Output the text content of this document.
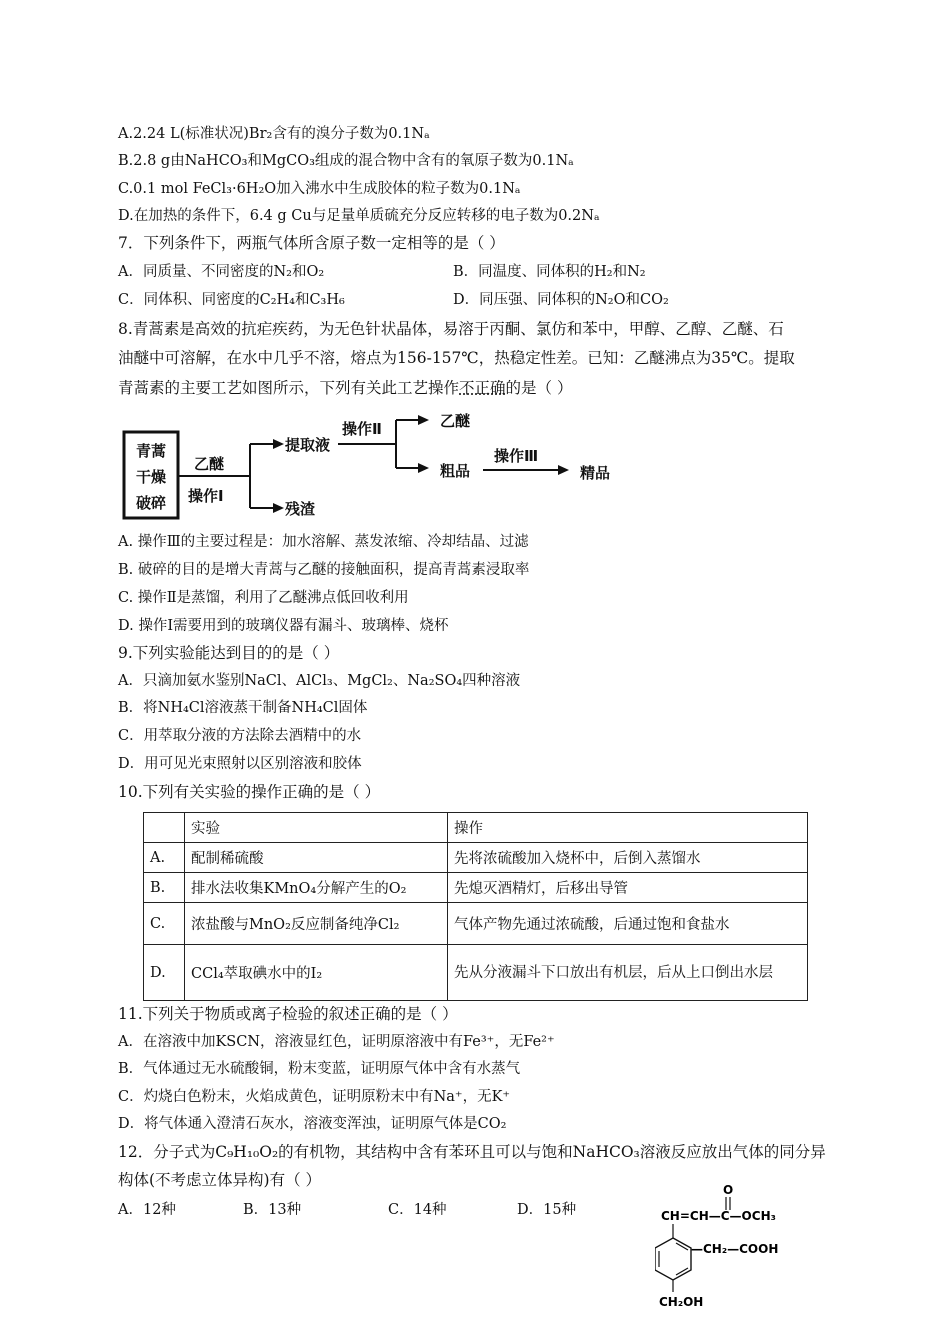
A.2.24 L(标准状况)Br₂含有的溴分子数为0.1Nₐ
B.2.8 g由NaHCO₃和MgCO₃组成的混合物中含有的氧原子数为0.1Nₐ
C.0.1 mol FeCl₃·6H₂O加入沸水中生成胶体的粒子数为0.1Nₐ
D.在加热的条件下，6.4 g Cu与足量单质硫充分反应转移的电子数为0.2Nₐ
7．下列条件下，两瓶气体所含原子数一定相等的是（ ）
A．同质量、不同密度的N₂和O₂	B．同温度、同体积的H₂和N₂
C．同体积、同密度的C₂H₄和C₃H₆	D．同压强、同体积的N₂O和CO₂
8.青蒿素是高效的抗疟疾药，为无色针状晶体，易溶于丙酮、氯仿和苯中，甲醇、乙醇、乙醚、石
油醚中可溶解，在水中几乎不溶，熔点为156-157℃，热稳定性差。已知：乙醚沸点为35℃。提取
青蒿素的主要工艺如图所示，下列有关此工艺操作不正确的是（ ）
青蒿
干燥
破碎
乙醚
操作Ⅰ
提取液
残渣
操作Ⅱ	乙醚
粗品
操作Ⅲ
精品
A. 操作Ⅲ的主要过程是：加水溶解、蒸发浓缩、冷却结晶、过滤
B. 破碎的目的是增大青蒿与乙醚的接触面积，提高青蒿素浸取率
C. 操作Ⅱ是蒸馏，利用了乙醚沸点低回收利用
D. 操作Ⅰ需要用到的玻璃仪器有漏斗、玻璃棒、烧杯
9.下列实验能达到目的的是（ ）
A．只滴加氨水鉴别NaCl、AlCl₃、MgCl₂、Na₂SO₄四种溶液
B．将NH₄Cl溶液蒸干制备NH₄Cl固体
C．用萃取分液的方法除去酒精中的水
D．用可见光束照射以区别溶液和胶体
10.下列有关实验的操作正确的是（ ）
	实验	操作
A.	配制稀硫酸	先将浓硫酸加入烧杯中，后倒入蒸馏水
B.	排水法收集KMnO₄分解产生的O₂	先熄灭酒精灯，后移出导管
C.	浓盐酸与MnO₂反应制备纯净Cl₂	气体产物先通过浓硫酸，后通过饱和食盐水
D.	CCl₄萃取碘水中的I₂	先从分液漏斗下口放出有机层，后从上口倒出水层
11.下列关于物质或离子检验的叙述正确的是（ ）
A．在溶液中加KSCN，溶液显红色，证明原溶液中有Fe³⁺，无Fe²⁺
B．气体通过无水硫酸铜，粉末变蓝，证明原气体中含有水蒸气
C．灼烧白色粉末，火焰成黄色，证明原粉末中有Na⁺，无K⁺
D．将气体通入澄清石灰水，溶液变浑浊，证明原气体是CO₂
12．分子式为C₉H₁₀O₂的有机物，其结构中含有苯环且可以与饱和NaHCO₃溶液反应放出气体的同分异
构体(不考虑立体异构)有（ ）
A．12种	B．13种	C．14种	D．15种
O
CH=CH—C—OCH₃
—CH₂—COOH
CH₂OH
